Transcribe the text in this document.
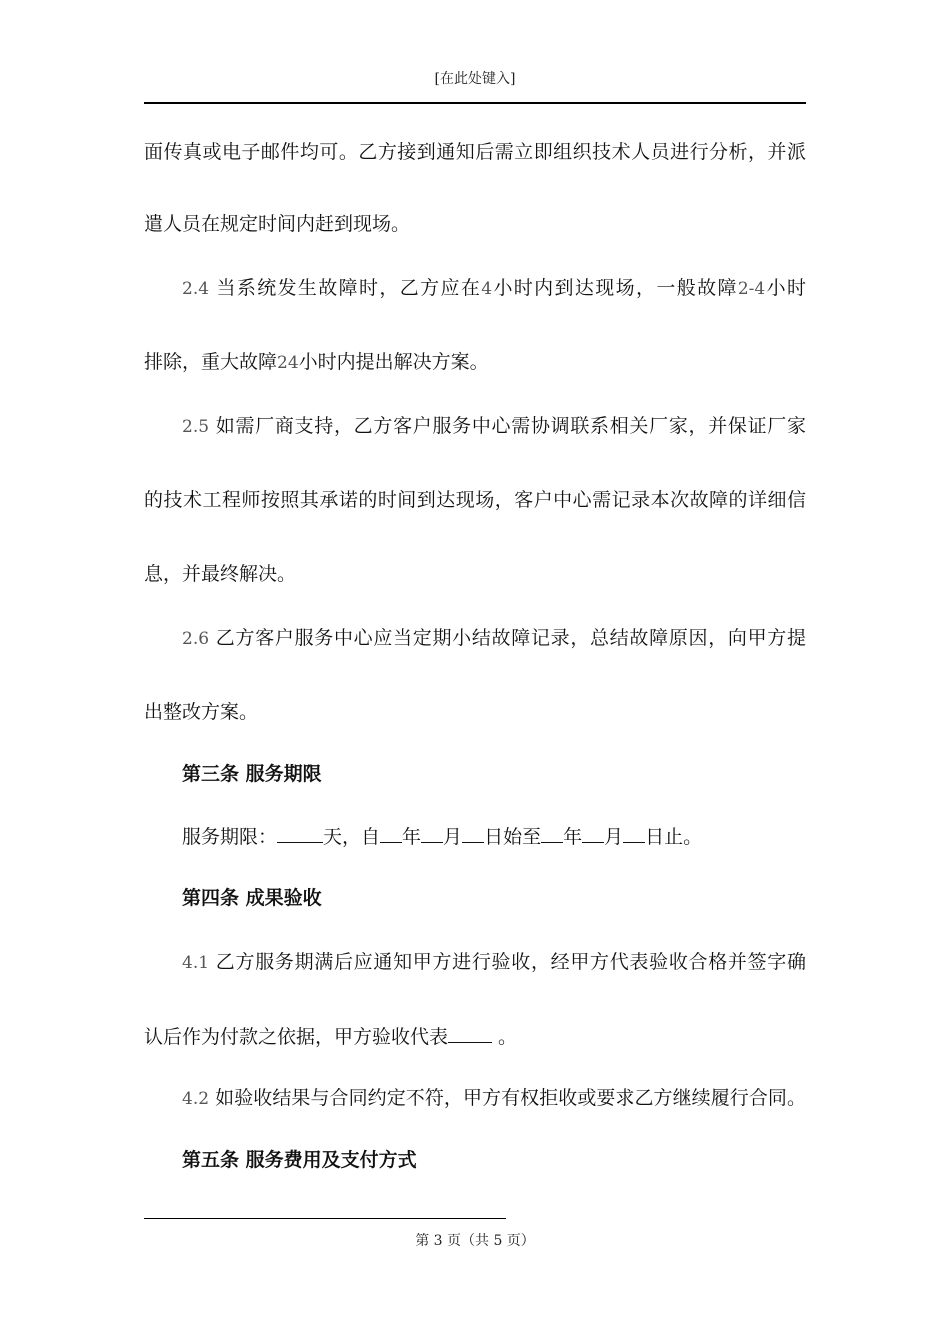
[在此处键入]
面传真或电子邮件均可。乙方接到通知后需立即组织技术人员进行分析，并派
遣人员在规定时间内赶到现场。
2.4 当系统发生故障时，乙方应在4小时内到达现场，一般故障2-4小时
排除，重大故障24小时内提出解决方案。
2.5 如需厂商支持，乙方客户服务中心需协调联系相关厂家，并保证厂家
的技术工程师按照其承诺的时间到达现场，客户中心需记录本次故障的详细信
息，并最终解决。
2.6 乙方客户服务中心应当定期小结故障记录，总结故障原因，向甲方提
出整改方案。
第三条 服务期限
服务期限： 天，自 年 月 日始至 年 月 日止。
第四条 成果验收
4.1 乙方服务期满后应通知甲方进行验收，经甲方代表验收合格并签字确
认后作为付款之依据，甲方验收代表 。
4.2 如验收结果与合同约定不符，甲方有权拒收或要求乙方继续履行合同。
第五条 服务费用及支付方式
第 3 页（共 5 页）
